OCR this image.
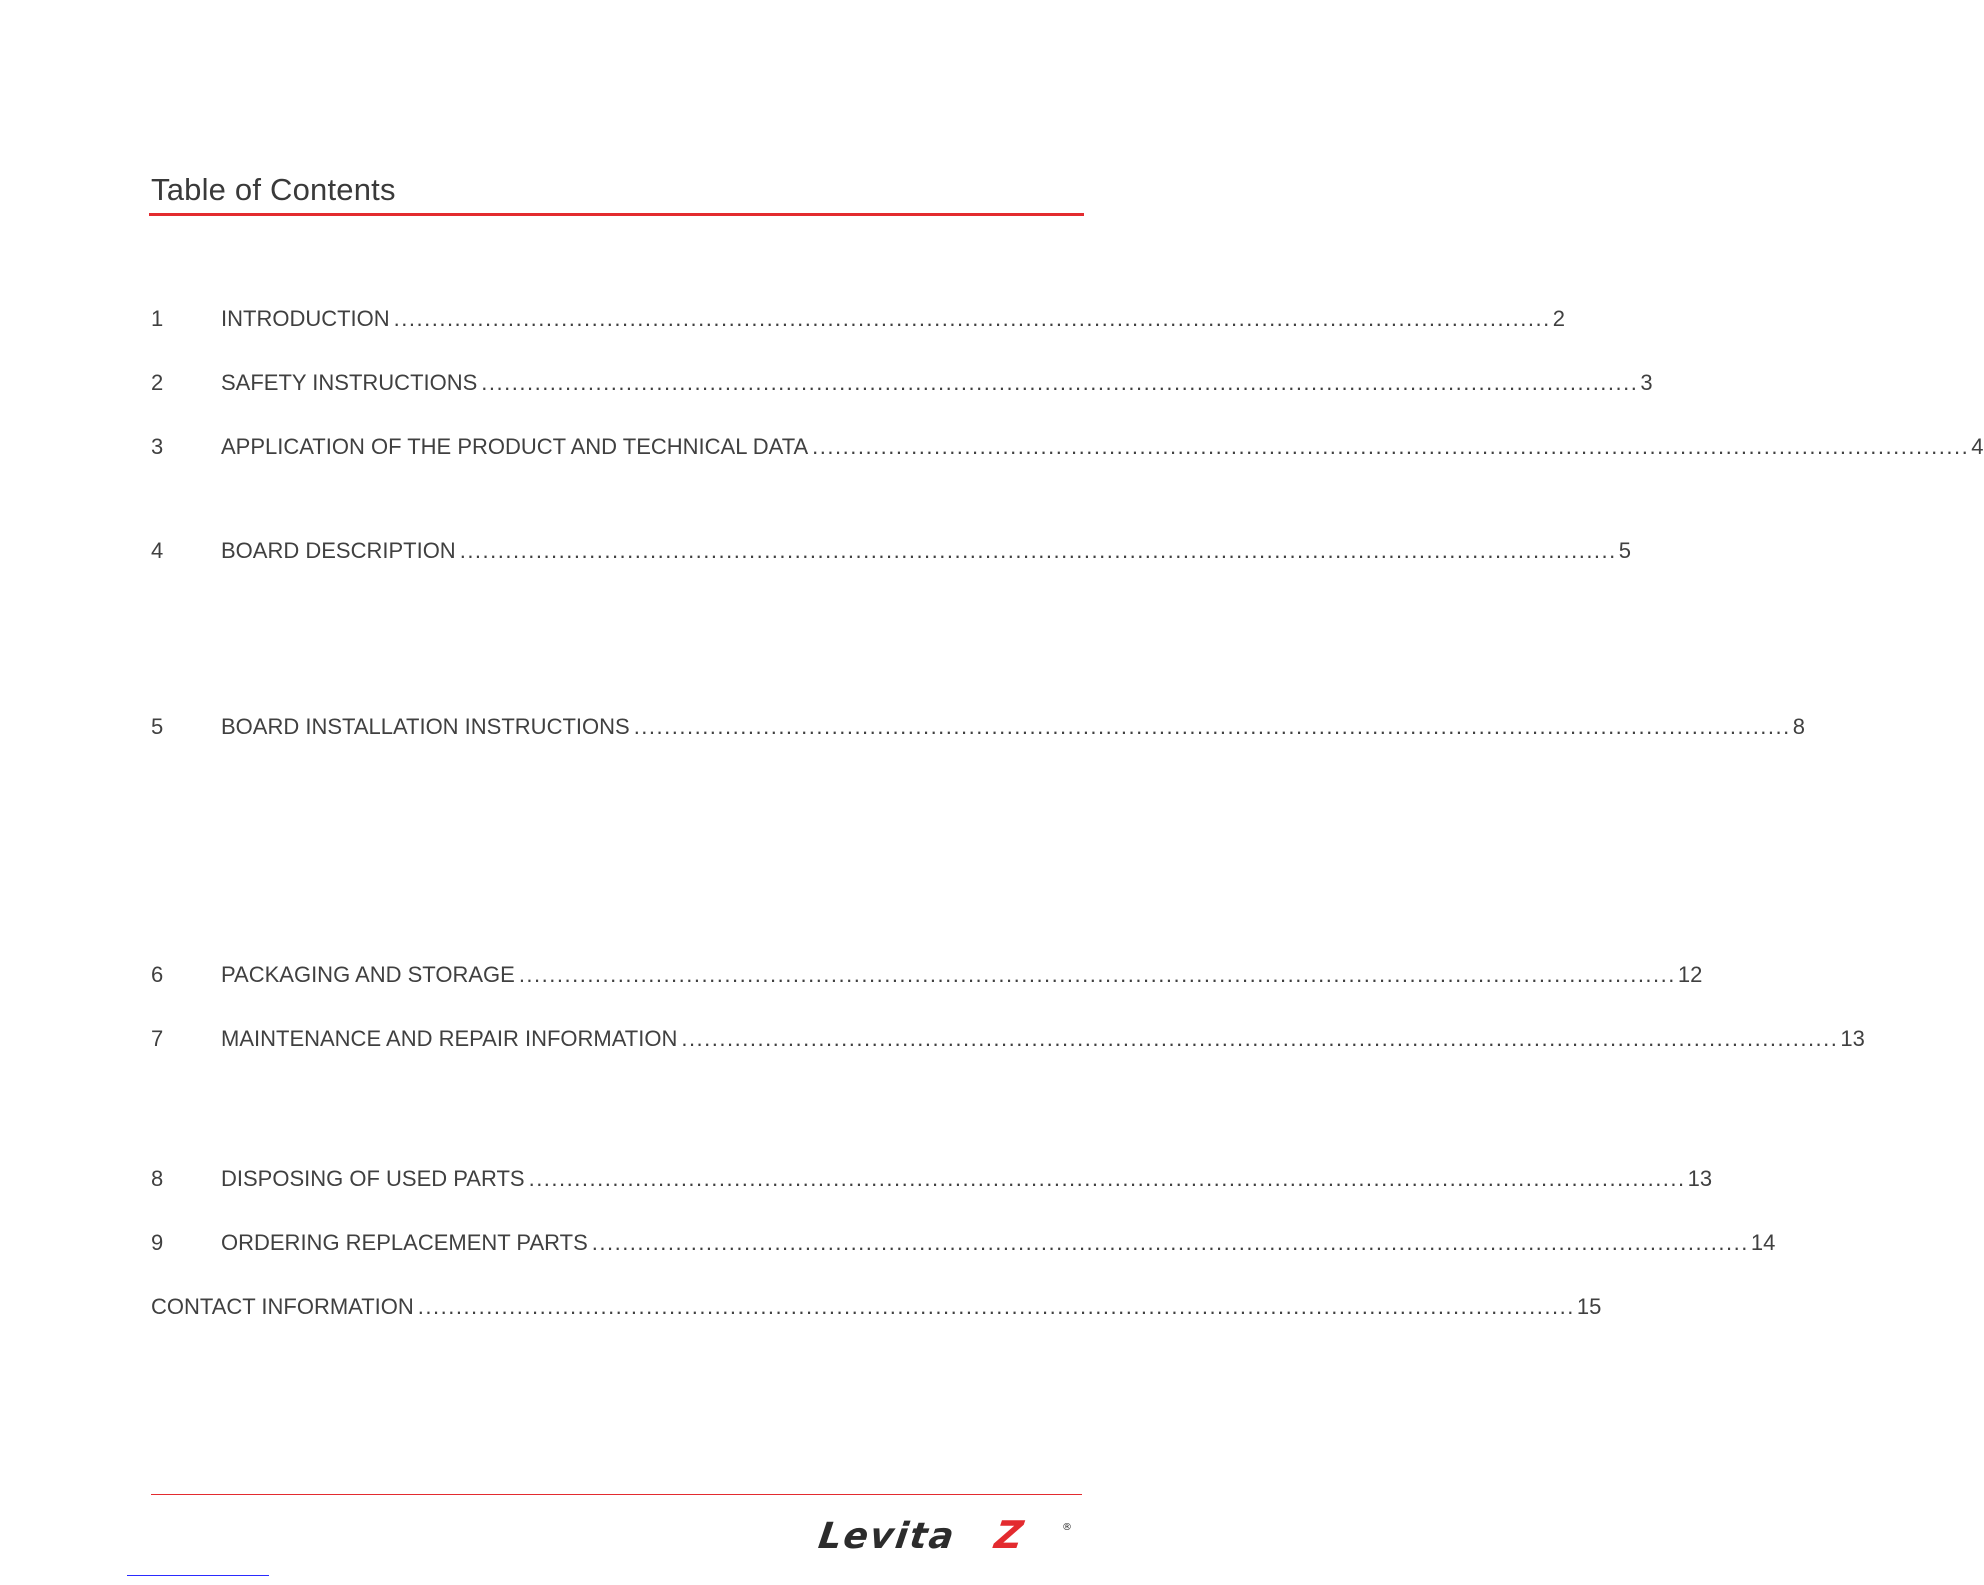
Table of Contents
1	INTRODUCTION ........................................................................................................................................................ 2
2	SAFETY INSTRUCTIONS ........................................................................................................................................................ 3
3	APPLICATION OF THE PRODUCT AND TECHNICAL DATA ........................................................................................................................................................ 4
4	BOARD DESCRIPTION ........................................................................................................................................................ 5
5	BOARD INSTALLATION INSTRUCTIONS ........................................................................................................................................................ 8
6	PACKAGING AND STORAGE ........................................................................................................................................................ 12
7	MAINTENANCE AND REPAIR INFORMATION ........................................................................................................................................................ 13
8	DISPOSING OF USED PARTS ........................................................................................................................................................ 13
9	ORDERING REPLACEMENT PARTS ........................................................................................................................................................ 14
CONTACT INFORMATION ........................................................................................................................................................ 15
Levita Z	®
